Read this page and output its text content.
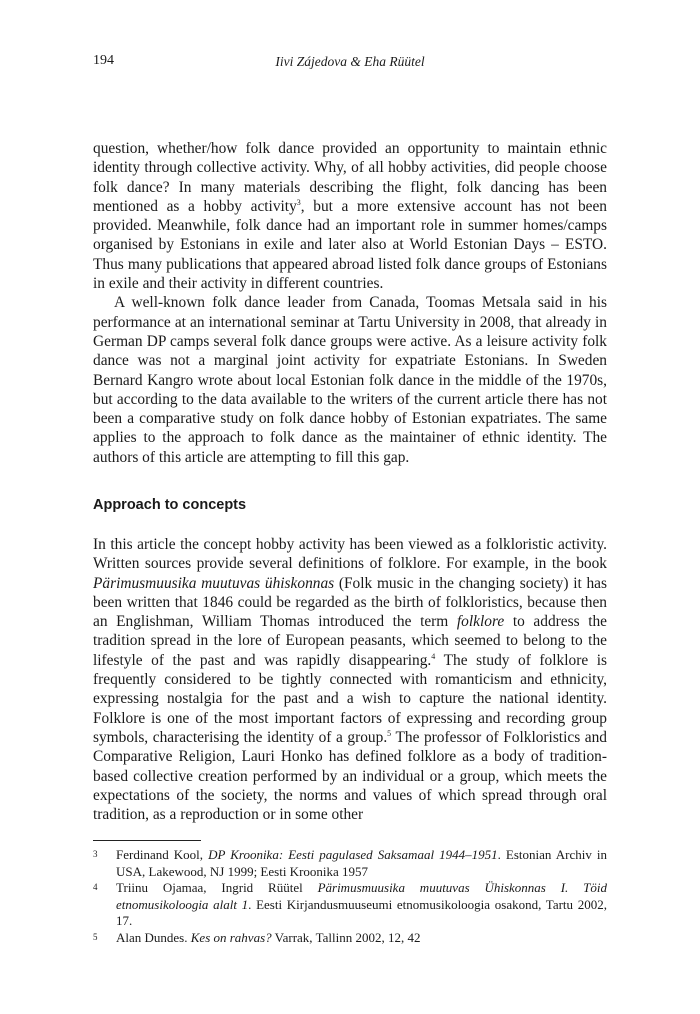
194	Iivi Zájedova & Eha Rüütel

question, whether/how folk dance provided an opportunity to maintain ethnic identity through collective activity. Why, of all hobby activities, did people choose folk dance? In many materials describing the flight, folk dancing has been mentioned as a hobby activity$^3$, but a more extensive account has not been provided. Meanwhile, folk dance had an important role in summer homes/camps organised by Estonians in exile and later also at World Estonian Days – ESTO. Thus many publications that appeared abroad listed folk dance groups of Estonians in exile and their activity in different countries.

A well-known folk dance leader from Canada, Toomas Metsala said in his performance at an international seminar at Tartu University in 2008, that already in German DP camps several folk dance groups were active. As a leisure activity folk dance was not a marginal joint activity for expatriate Estonians. In Sweden Bernard Kangro wrote about local Estonian folk dance in the middle of the 1970s, but according to the data available to the writers of the current article there has not been a comparative study on folk dance hobby of Estonian expatriates. The same applies to the approach to folk dance as the maintainer of ethnic identity. The authors of this article are attempting to fill this gap.

Approach to concepts

In this article the concept hobby activity has been viewed as a folkloristic activity. Written sources provide several definitions of folklore. For example, in the book Pärimusmuusika muutuvas ühiskonnas (Folk music in the changing society) it has been written that 1846 could be regarded as the birth of folkloristics, because then an Englishman, William Thomas introduced the term folklore to address the tradition spread in the lore of European peasants, which seemed to belong to the lifestyle of the past and was rapidly disappearing.$^4$ The study of folklore is frequently considered to be tightly connected with romanticism and ethnicity, expressing nostalgia for the past and a wish to capture the national identity. Folklore is one of the most important factors of expressing and recording group symbols, characterising the identity of a group.$^5$ The professor of Folkloristics and Comparative Religion, Lauri Honko has defined folklore as a body of tradition-based collective creation performed by an individual or a group, which meets the expectations of the society, the norms and values of which spread through oral tradition, as a reproduction or in some other

3	Ferdinand Kool, DP Kroonika: Eesti pagulased Saksamaal 1944–1951. Estonian Archiv in USA, Lakewood, NJ 1999; Eesti Kroonika 1957
4	Triinu Ojamaa, Ingrid Rüütel Pärimusmuusika muutuvas Ühiskonnas I. Töid etnomusikoloogia alalt 1. Eesti Kirjandusmuuseumi etnomusikoloogia osakond, Tartu 2002, 17.
5	Alan Dundes. Kes on rahvas? Varrak, Tallinn 2002, 12, 42
